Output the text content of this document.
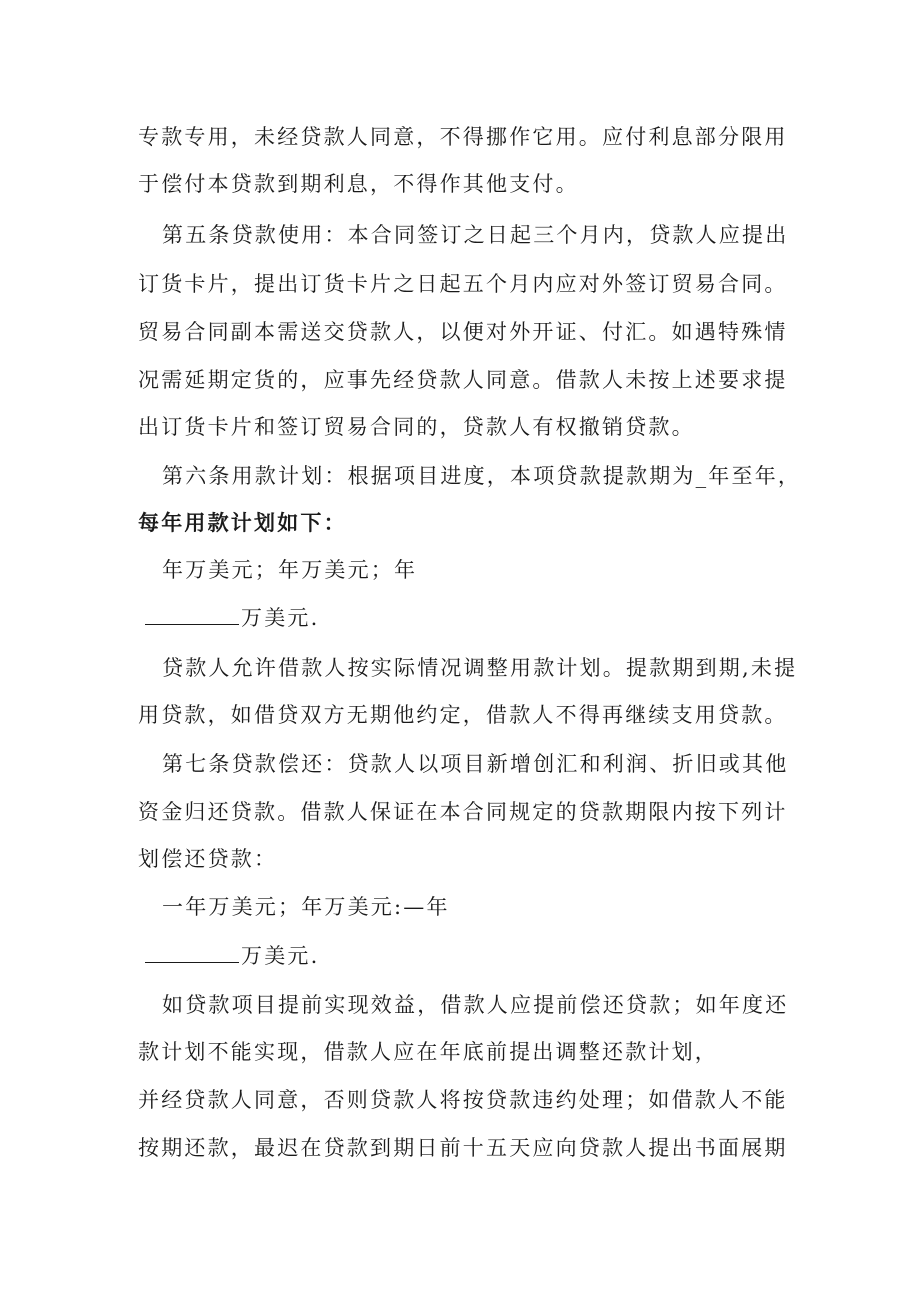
专款专用，未经贷款人同意，不得挪作它用。应付利息部分限用
于偿付本贷款到期利息，不得作其他支付。
第五条贷款使用：本合同签订之日起三个月内，贷款人应提出
订货卡片，提出订货卡片之日起五个月内应对外签订贸易合同。
贸易合同副本需送交贷款人，以便对外开证、付汇。如遇特殊情
况需延期定货的，应事先经贷款人同意。借款人未按上述要求提
出订货卡片和签订贸易合同的，贷款人有权撤销贷款。
第六条用款计划：根据项目进度，本项贷款提款期为_年至年，
每年用款计划如下：
年万美元；年万美元；年
万美元.
贷款人允许借款人按实际情况调整用款计划。提款期到期,未提
用贷款，如借贷双方无期他约定，借款人不得再继续支用贷款。
第七条贷款偿还：贷款人以项目新增创汇和利润、折旧或其他
资金归还贷款。借款人保证在本合同规定的贷款期限内按下列计
划偿还贷款：
一年万美元；年万美元:—年
万美元.
如贷款项目提前实现效益，借款人应提前偿还贷款；如年度还
款计划不能实现，借款人应在年底前提出调整还款计划，
并经贷款人同意，否则贷款人将按贷款违约处理；如借款人不能
按期还款，最迟在贷款到期日前十五天应向贷款人提出书面展期
